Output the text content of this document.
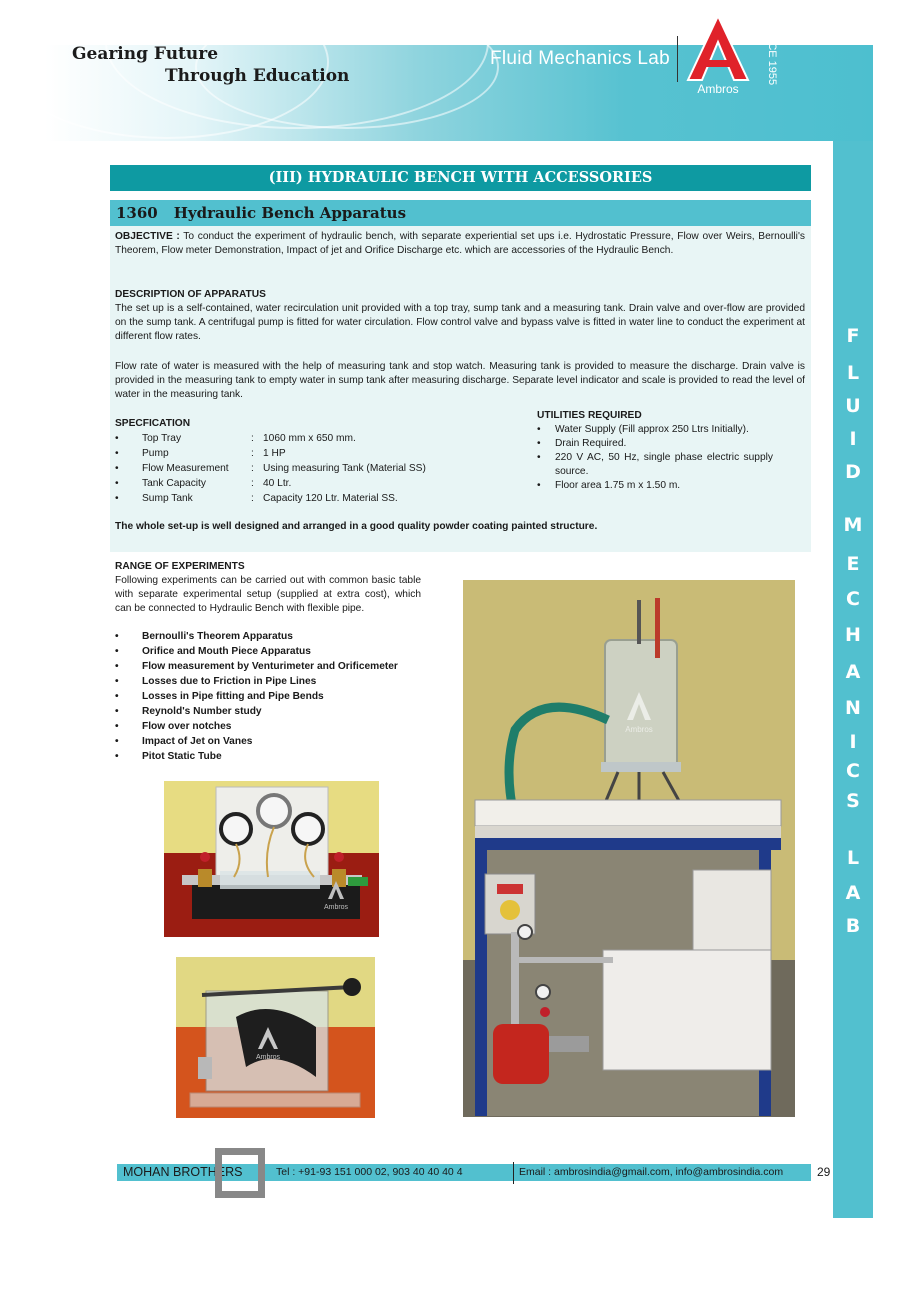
Gearing Future
Through Education
Fluid Mechanics Lab
Ambros
SINCE 1955
F
L
U
I
D
M
E
C
H
A
N
I
C
S
L
A
B
(III) HYDRAULIC BENCH WITH ACCESSORIES
1360 Hydraulic Bench Apparatus
OBJECTIVE : To conduct the experiment of hydraulic bench, with separate experiential set ups i.e. Hydrostatic Pressure, Flow over Weirs, Bernoulli's Theorem, Flow meter Demonstration, Impact of jet and Orifice Discharge etc. which are accessories of the Hydraulic Bench.
DESCRIPTION OF APPARATUS
The set up is a self-contained, water recirculation unit provided with a top tray, sump tank and a measuring tank. Drain valve and over-flow are provided on the sump tank. A centrifugal pump is fitted for water circulation. Flow control valve and bypass valve is fitted in water line to conduct the experiment at different flow rates.
Flow rate of water is measured with the help of measuring tank and stop watch. Measuring tank is provided to measure the discharge. Drain valve is provided in the measuring tank to empty water in sump tank after measuring discharge. Separate level indicator and scale is provided to read the level of water in the measuring tank.
SPECFICATION
• Top Tray	: 1060 mm x 650 mm.
• Pump	: 1 HP
• Flow Measurement : Using measuring Tank (Material SS)
• Tank Capacity	: 40 Ltr.
• Sump Tank	: Capacity 120 Ltr. Material SS.
UTILITIES REQUIRED
• Water Supply (Fill approx 250 Ltrs Initially).
• Drain Required.
• 220 V AC, 50 Hz, single phase electric supply source.
• Floor area 1.75 m x 1.50 m.
The whole set-up is well designed and arranged in a good quality powder coating painted structure.
RANGE OF EXPERIMENTS
Following experiments can be carried out with common basic table with separate experimental setup (supplied at extra cost), which can be connected to Hydraulic Bench with flexible pipe.
• Bernoulli's Theorem Apparatus
• Orifice and Mouth Piece Apparatus
• Flow measurement by Venturimeter and Orificemeter
• Losses due to Friction in Pipe Lines
• Losses in Pipe fitting and Pipe Bends
• Reynold's Number study
• Flow over notches
• Impact of Jet on Vanes
• Pitot Static Tube
Ambros
Ambros
Ambros
MOHAN BROTHERS	Tel : +91-93 151 000 02, 903 40 40 40 4	Email : ambrosindia@gmail.com, info@ambrosindia.com	29
